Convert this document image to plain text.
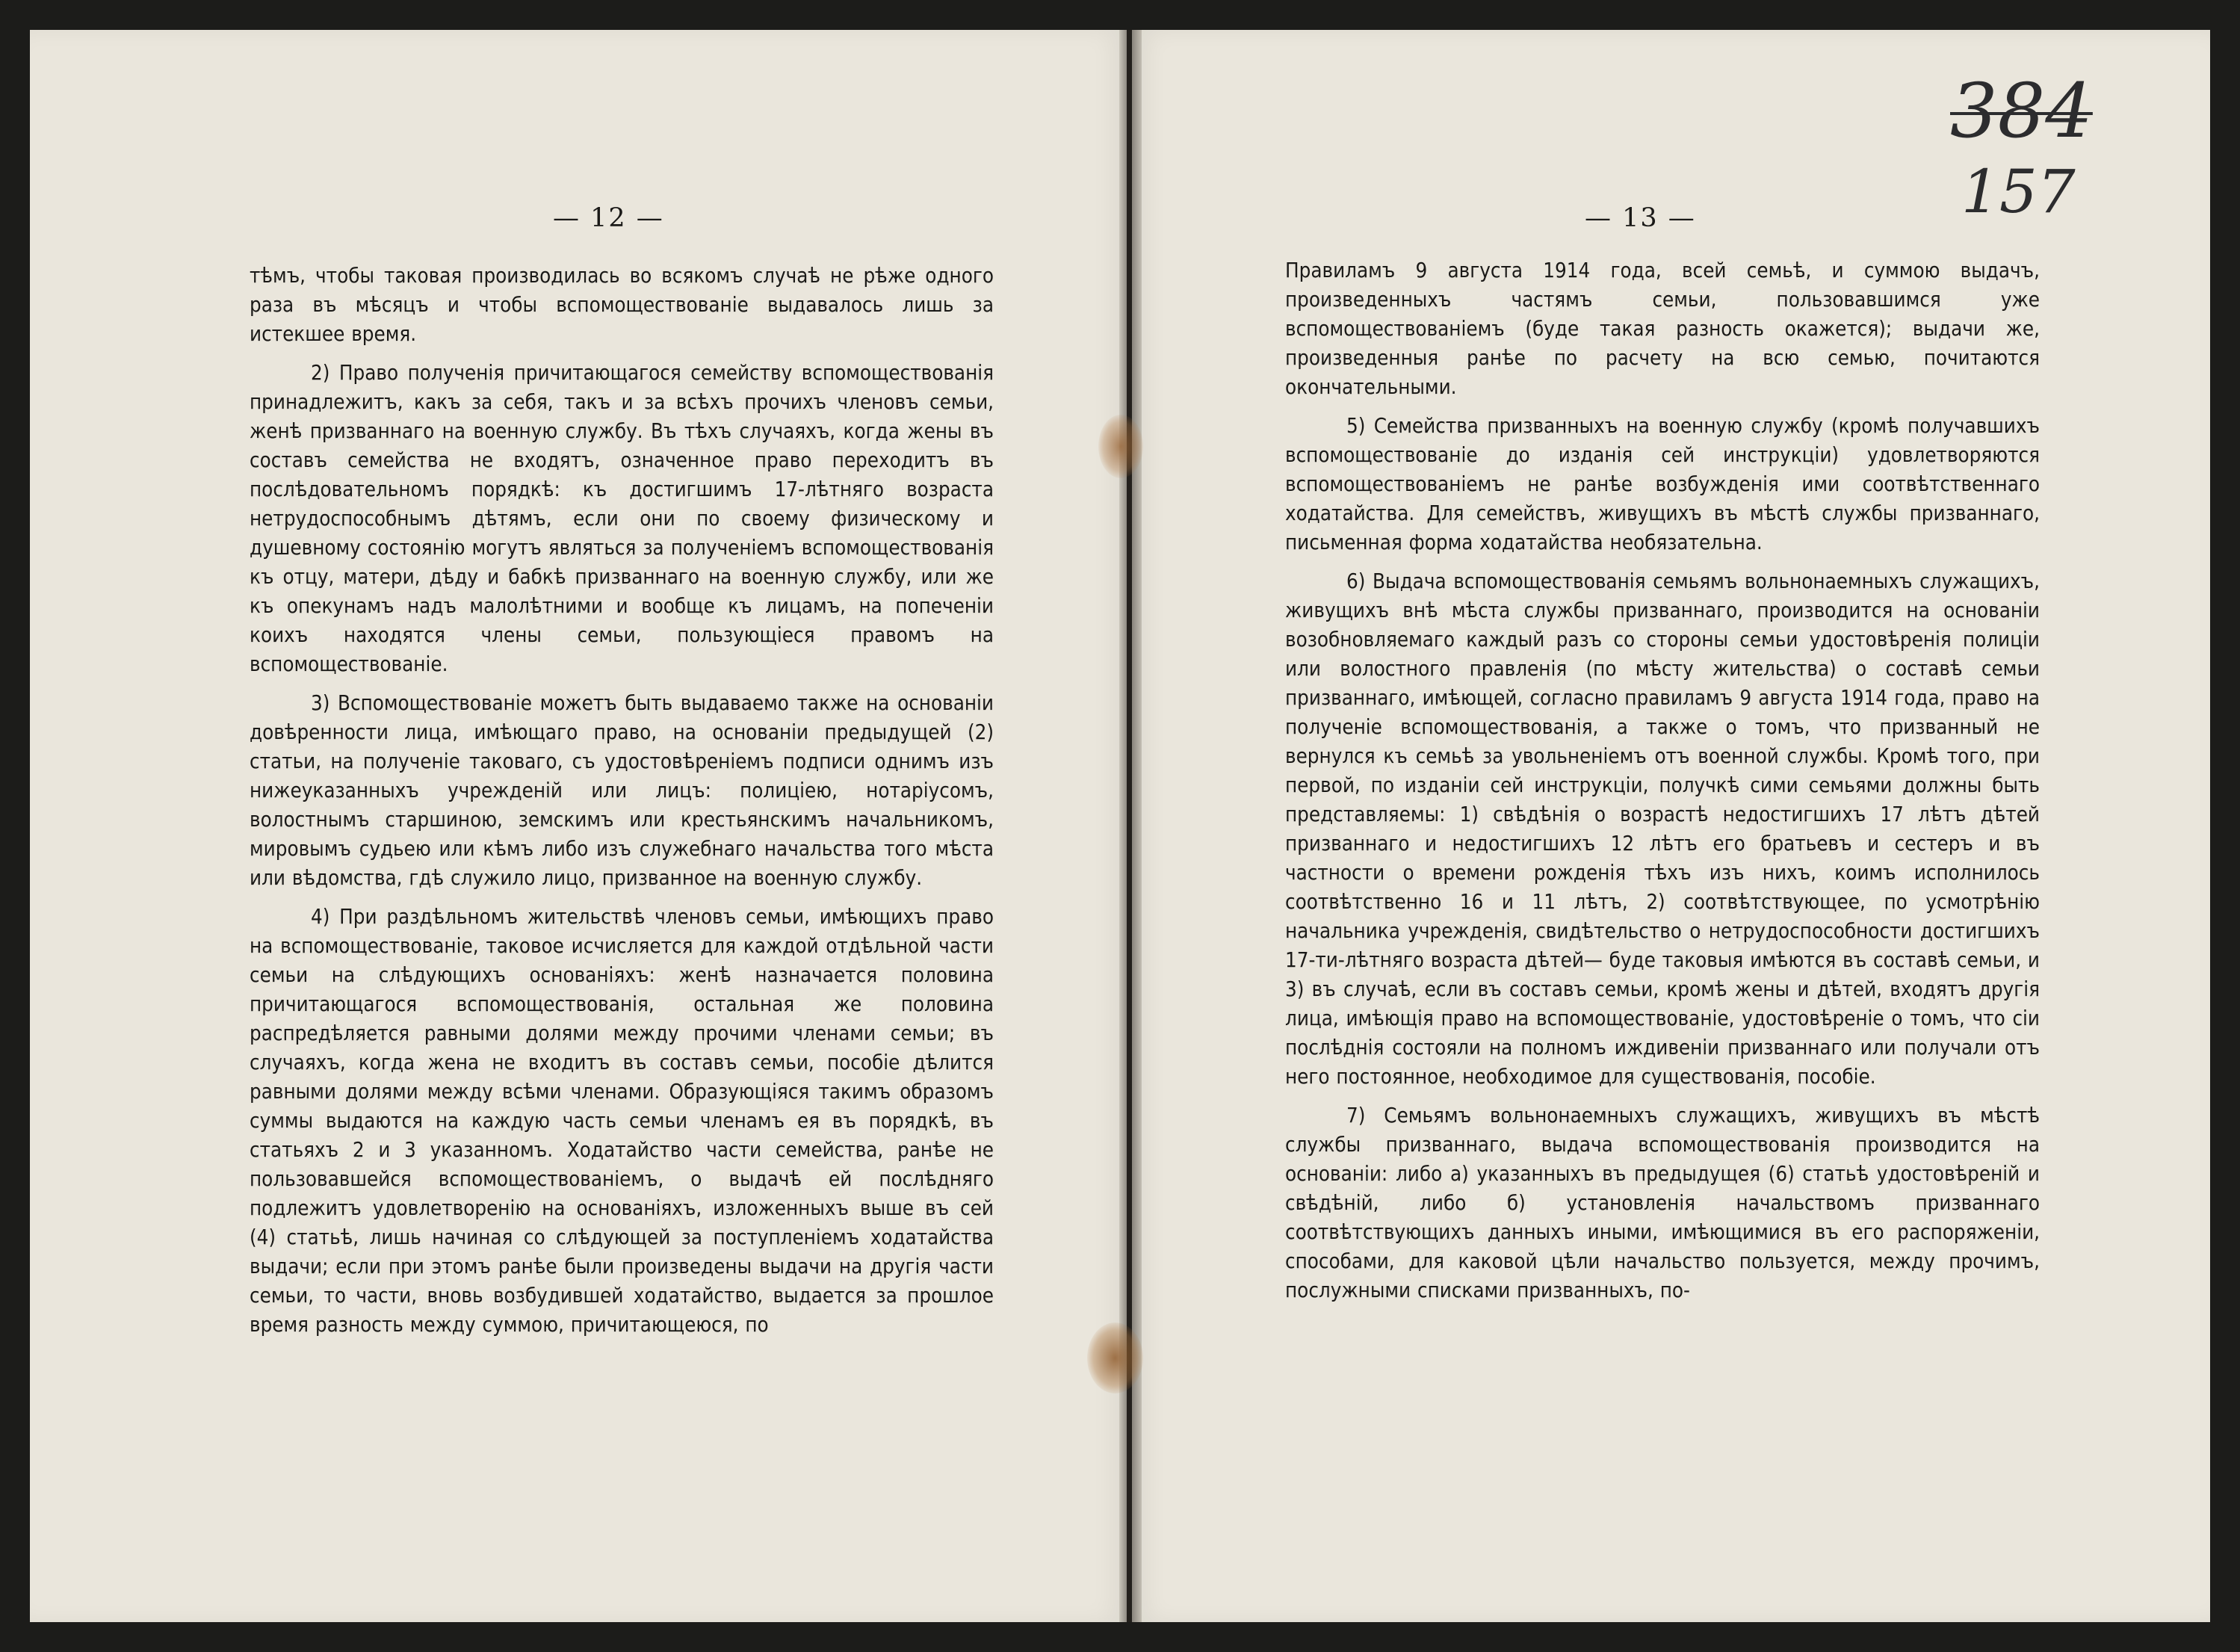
— 12 —

тѣмъ, чтобы таковая производилась во всякомъ случаѣ не рѣже одного раза въ мѣсяцъ и чтобы вспомоществованіе выдавалось лишь за истекшее время.

2) Право полученія причитающагося семейству вспомоществованія принадлежитъ, какъ за себя, такъ и за всѣхъ прочихъ членовъ семьи, женѣ призваннаго на военную службу. Въ тѣхъ случаяхъ, когда жены въ составъ семейства не входятъ, означенное право переходитъ въ послѣдовательномъ порядкѣ: къ достигшимъ 17-лѣтняго возраста нетрудоспособнымъ дѣтямъ, если они по своему физическому и душевному состоянію могутъ являться за полученіемъ вспомоществованія къ отцу, матери, дѣду и бабкѣ призваннаго на военную службу, или же къ опекунамъ надъ малолѣтними и вообще къ лицамъ, на попеченіи коихъ находятся члены семьи, пользующіеся правомъ на вспомоществованіе.

3) Вспомоществованіе можетъ быть выдаваемо также на основаніи довѣренности лица, имѣющаго право, на основаніи предыдущей (2) статьи, на полученіе таковаго, съ удостовѣреніемъ подписи однимъ изъ нижеуказанныхъ учрежденій или лицъ: полиціею, нотаріусомъ, волостнымъ старшиною, земскимъ или крестьянскимъ начальникомъ, мировымъ судьею или кѣмъ либо изъ служебнаго начальства того мѣста или вѣдомства, гдѣ служило лицо, призванное на военную службу.

4) При раздѣльномъ жительствѣ членовъ семьи, имѣющихъ право на вспомоществованіе, таковое исчисляется для каждой отдѣльной части семьи на слѣдующихъ основаніяхъ: женѣ назначается половина причитающагося вспомоществованія, остальная же половина распредѣляется равными долями между прочими членами семьи; въ случаяхъ, когда жена не входитъ въ составъ семьи, пособіе дѣлится равными долями между всѣми членами. Образующіяся такимъ образомъ суммы выдаются на каждую часть семьи членамъ ея въ порядкѣ, въ статьяхъ 2 и 3 указанномъ. Ходатайство части семейства, ранѣе не пользовавшейся вспомоществованіемъ, о выдачѣ ей послѣдняго подлежитъ удовлетворенію на основаніяхъ, изложенныхъ выше въ сей (4) статьѣ, лишь начиная со слѣдующей за поступленіемъ ходатайства выдачи; если при этомъ ранѣе были произведены выдачи на другія части семьи, то части, вновь возбудившей ходатайство, выдается за прошлое время разность между суммою, причитающеюся, по

— 13 —

Правиламъ 9 августа 1914 года, всей семьѣ, и суммою выдачъ, произведенныхъ частямъ семьи, пользовавшимся уже вспомоществованіемъ (буде такая разность окажется); выдачи же, произведенныя ранѣе по расчету на всю семью, почитаются окончательными.

5) Семейства призванныхъ на военную службу (кромѣ получавшихъ вспомоществованіе до изданія сей инструкціи) удовлетворяются вспомоществованіемъ не ранѣе возбужденія ими соотвѣтственнаго ходатайства. Для семействъ, живущихъ въ мѣстѣ службы призваннаго, письменная форма ходатайства необязательна.

6) Выдача вспомоществованія семьямъ вольнонаемныхъ служащихъ, живущихъ внѣ мѣста службы призваннаго, производится на основаніи возобновляемаго каждый разъ со стороны семьи удостовѣренія полиціи или волостного правленія (по мѣсту жительства) о составѣ семьи призваннаго, имѣющей, согласно правиламъ 9 августа 1914 года, право на полученіе вспомоществованія, а также о томъ, что призванный не вернулся къ семьѣ за увольненіемъ отъ военной службы. Кромѣ того, при первой, по изданіи сей инструкціи, получкѣ сими семьями должны быть представляемы: 1) свѣдѣнія о возрастѣ недостигшихъ 17 лѣтъ дѣтей призваннаго и недостигшихъ 12 лѣтъ его братьевъ и сестеръ и въ частности о времени рожденія тѣхъ изъ нихъ, коимъ исполнилось соотвѣтственно 16 и 11 лѣтъ, 2) соотвѣтствующее, по усмотрѣнію начальника учрежденія, свидѣтельство о нетрудоспособности достигшихъ 17-ти-лѣтняго возраста дѣтей— буде таковыя имѣются въ составѣ семьи, и 3) въ случаѣ, если въ составъ семьи, кромѣ жены и дѣтей, входятъ другія лица, имѣющія право на вспомоществованіе, удостовѣреніе о томъ, что сіи послѣднія состояли на полномъ иждивеніи призваннаго или получали отъ него постоянное, необходимое для существованія, пособіе.

7) Семьямъ вольнонаемныхъ служащихъ, живущихъ въ мѣстѣ службы призваннаго, выдача вспомоществованія производится на основаніи: либо а) указанныхъ въ предыдущея (6) статьѣ удостовѣреній и свѣдѣній, либо б) установленія начальствомъ призваннаго соотвѣтствующихъ данныхъ иными, имѣющимися въ его распоряженіи, способами, для каковой цѣли начальство пользуется, между прочимъ, послужными списками призванныхъ, по-

384
157
